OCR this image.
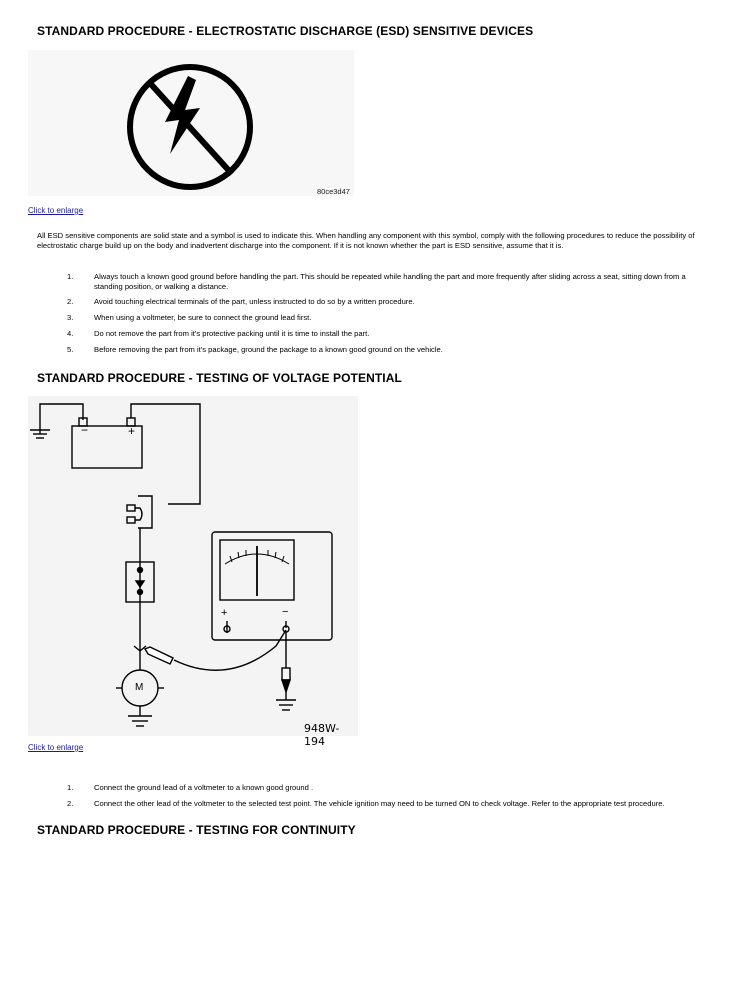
STANDARD PROCEDURE - ELECTROSTATIC DISCHARGE (ESD) SENSITIVE DEVICES
80ce3d47
Click to enlarge
All ESD sensitive components are solid state and a symbol is used to indicate this. When handling any component with this symbol, comply with the following procedures to reduce the possibility of electrostatic charge build up on the body and inadvertent discharge into the component. If it is not known whether the part is ESD sensitive, assume that it is.
1.	Always touch a known good ground before handling the part. This should be repeated while handling the part and more frequently after sliding across a seat, sitting down from a standing position, or walking a distance.
2.	Avoid touching electrical terminals of the part, unless instructed to do so by a written procedure.
3.	When using a voltmeter, be sure to connect the ground lead first.
4.	Do not remove the part from it's protective packing until it is time to install the part.
5.	Before removing the part from it's package, ground the package to a known good ground on the vehicle.
STANDARD PROCEDURE - TESTING OF VOLTAGE POTENTIAL
−	+
+	−
M
948W-194
Click to enlarge
1.	Connect the ground lead of a voltmeter to a known good ground .
2.	Connect the other lead of the voltmeter to the selected test point. The vehicle ignition may need to be turned ON to check voltage. Refer to the appropriate test procedure.
STANDARD PROCEDURE - TESTING FOR CONTINUITY
